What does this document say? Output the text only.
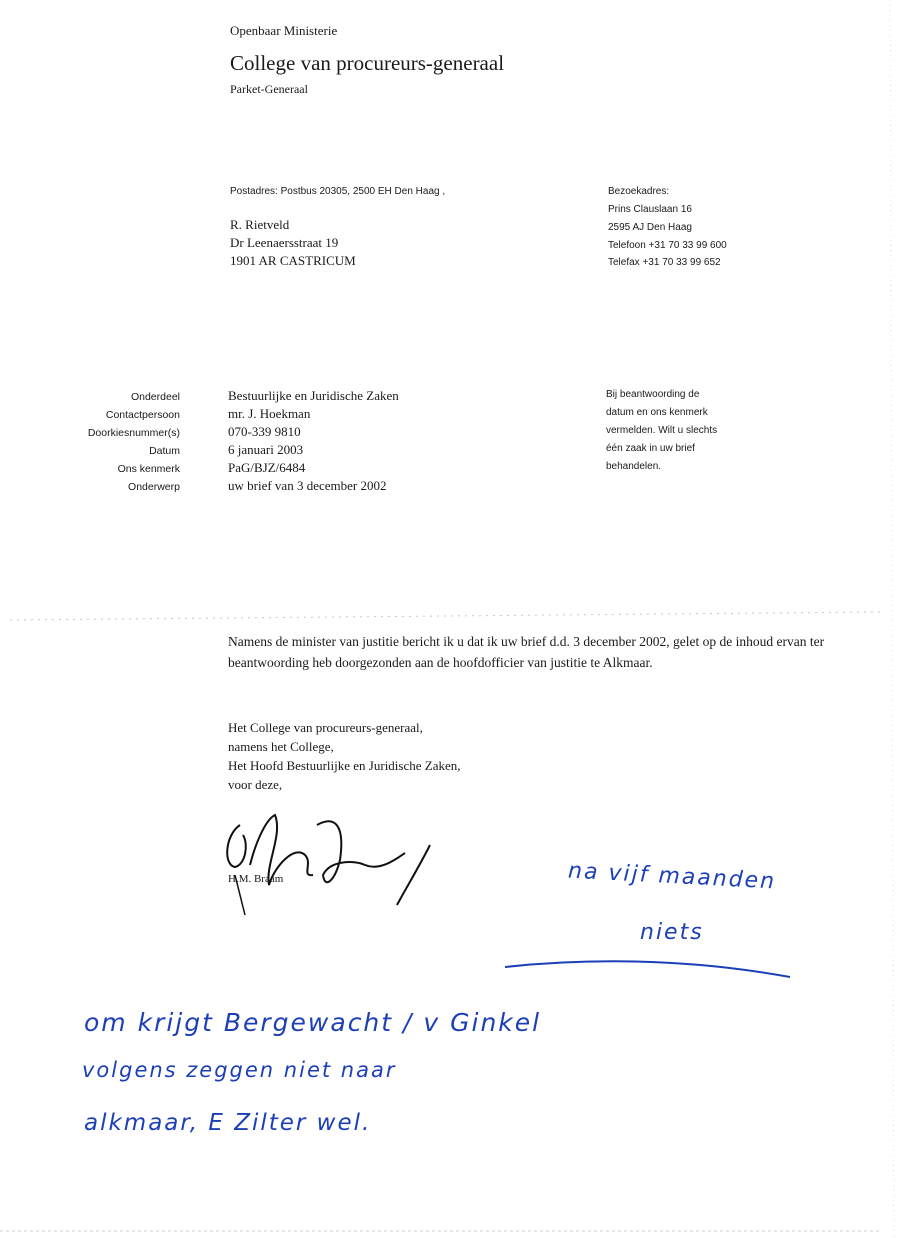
Openbaar Ministerie
College van procureurs-generaal
Parket-Generaal
Postadres: Postbus 20305, 2500 EH Den Haag ,
R. Rietveld
Dr Leenaersstraat 19
1901 AR CASTRICUM
Bezoekadres:
Prins Clauslaan 16
2595 AJ Den Haag
Telefoon +31 70 33 99 600
Telefax +31 70 33 99 652
Onderdeel	Bestuurlijke en Juridische Zaken
Contactpersoon	mr. J. Hoekman
Doorkiesnummer(s)	070-339 9810
Datum	6 januari 2003
Ons kenmerk	PaG/BJZ/6484
Onderwerp	uw brief van 3 december 2002
Bij beantwoording de
datum en ons kenmerk
vermelden. Wilt u slechts
één zaak in uw brief
behandelen.
Namens de minister van justitie bericht ik u dat ik uw brief d.d. 3 december 2002, gelet op de inhoud ervan ter beantwoording heb doorgezonden aan de hoofdofficier van justitie te Alkmaar.
Het College van procureurs-generaal,
namens het College,
Het Hoofd Bestuurlijke en Juridische Zaken,
voor deze,
H.M. Braam	na vijf maanden
niets
om krijgt Bergewacht / v Ginkel
volgens zeggen niet naar
alkmaar, E Zilter wel.
